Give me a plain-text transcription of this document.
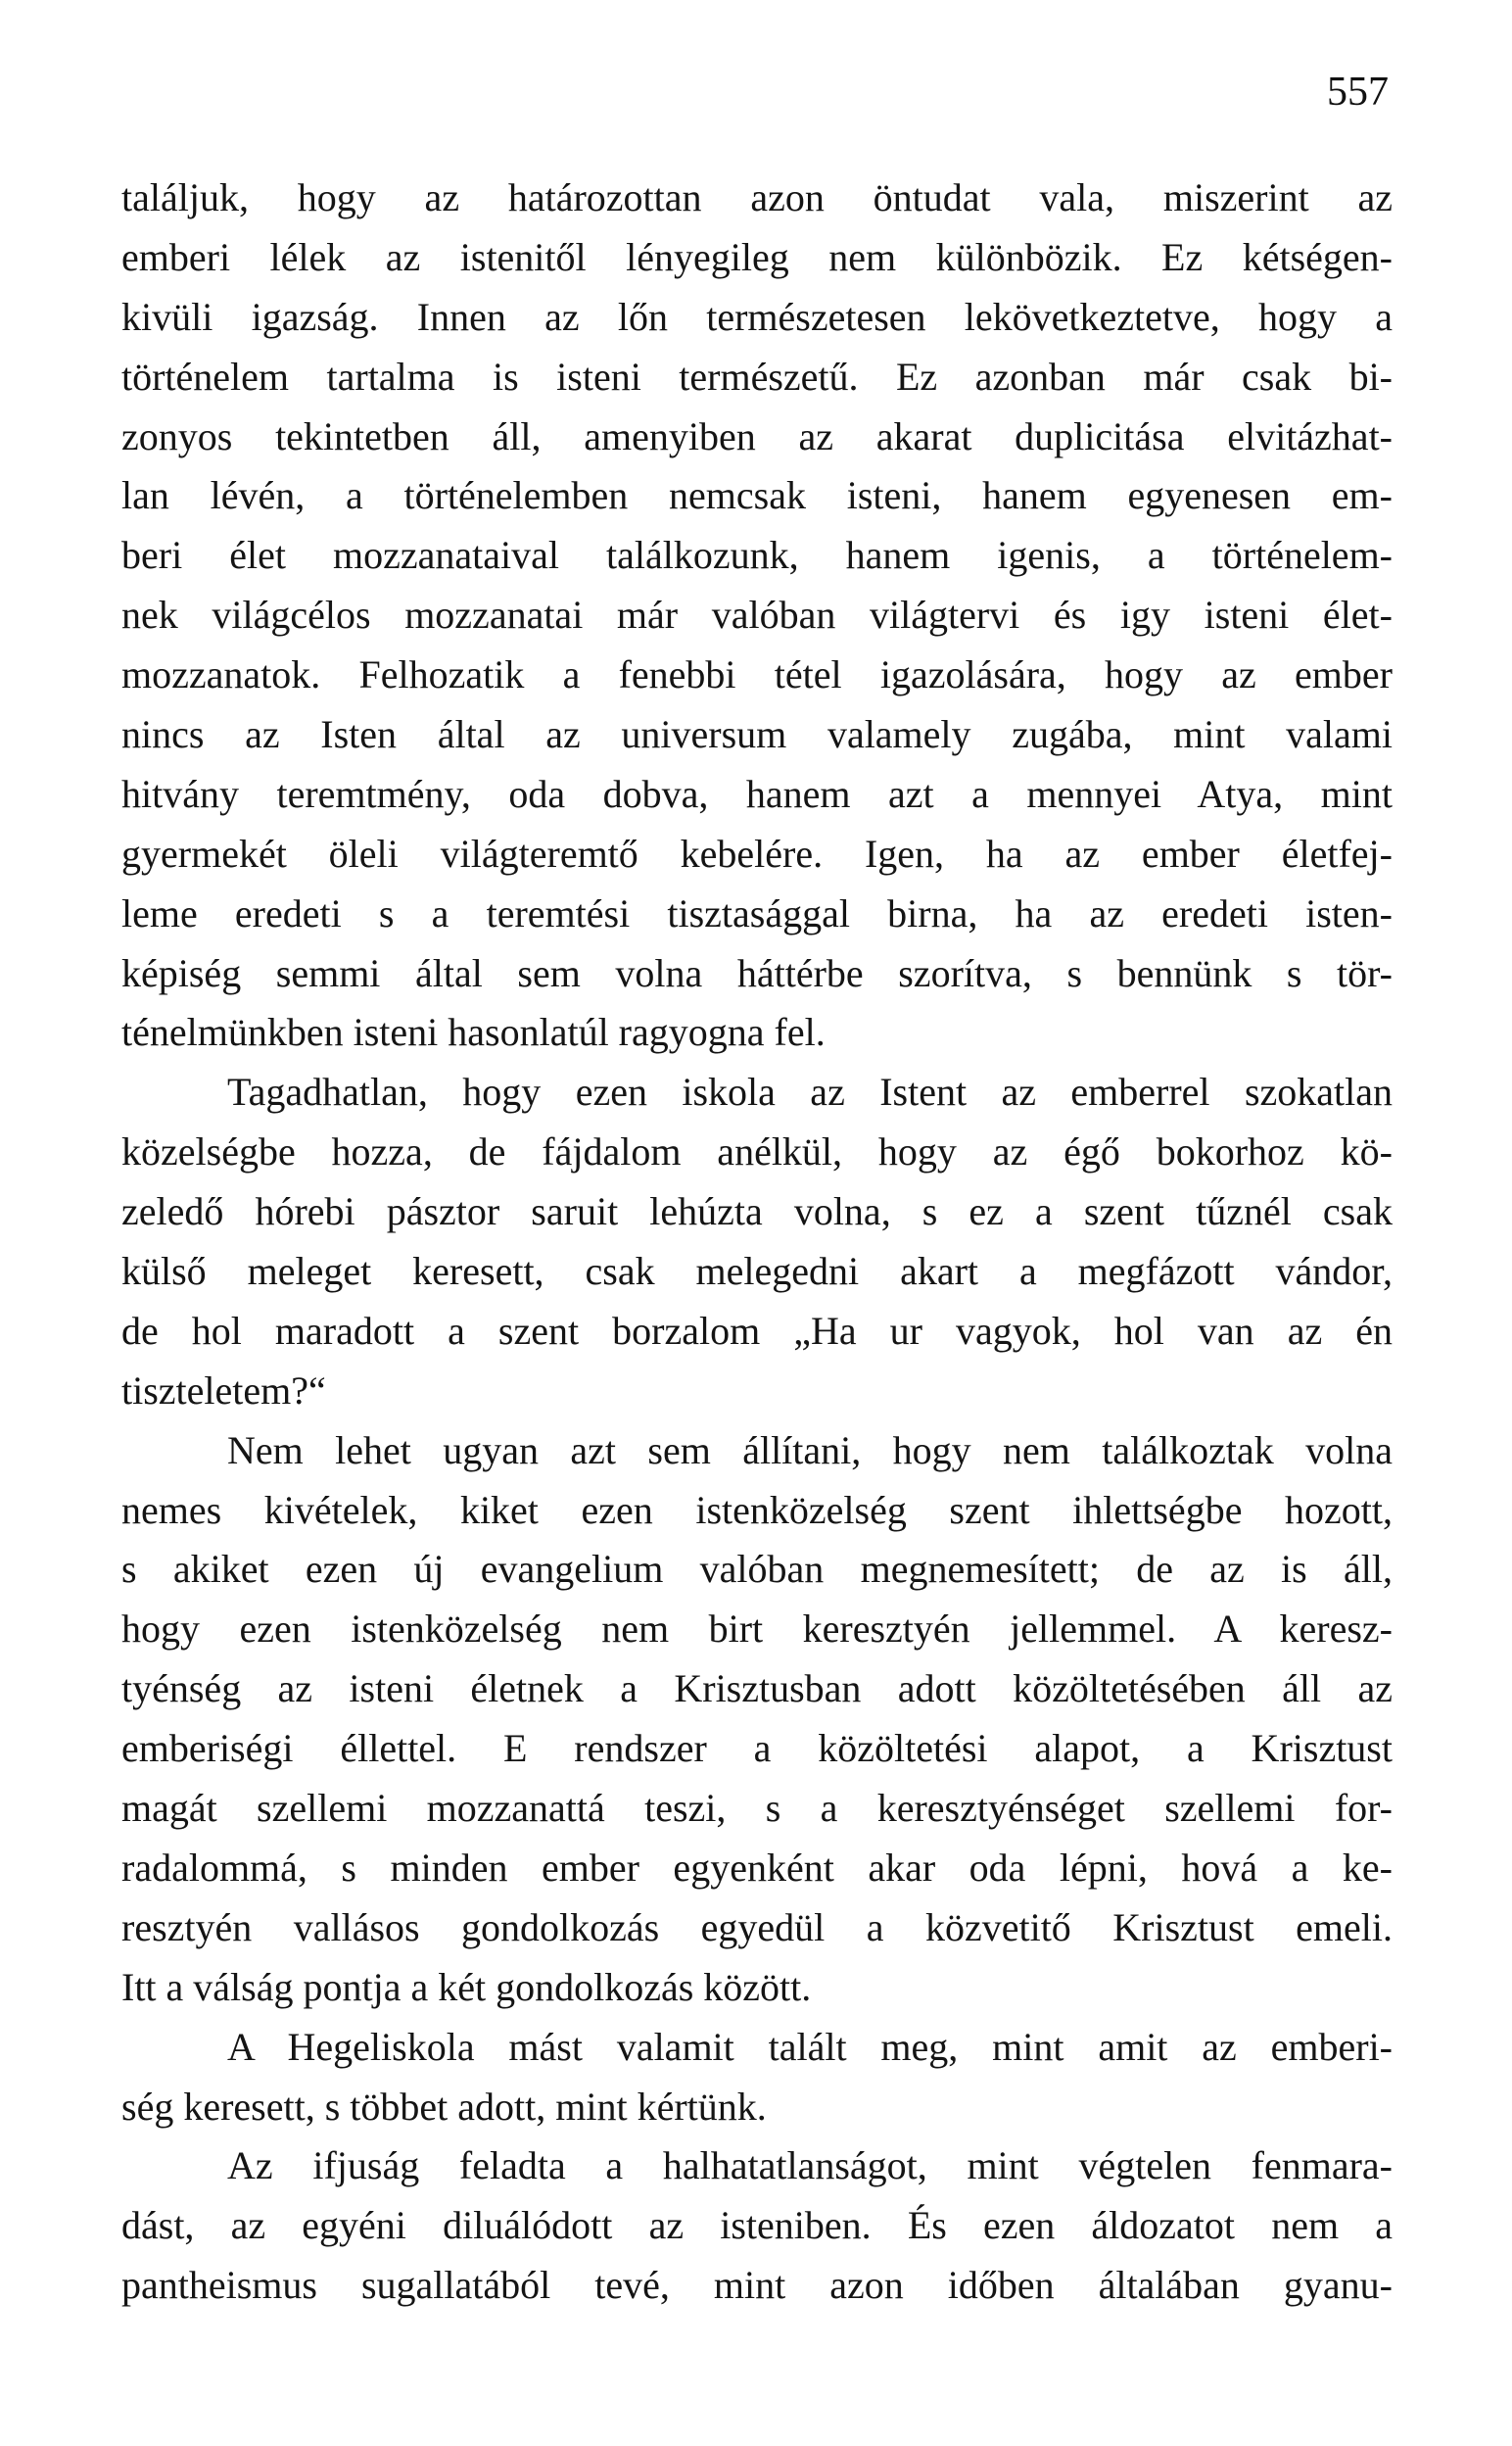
557
találjuk, hogy az határozottan azon öntudat vala, miszerint az
emberi lélek az istenitől lényegileg nem különbözik. Ez kétségen-
kivüli igazság. Innen az lőn természetesen lekövetkeztetve, hogy a
történelem tartalma is isteni természetű. Ez azonban már csak bi-
zonyos tekintetben áll, amenyiben az akarat duplicitása elvitázhat-
lan lévén, a történelemben nemcsak isteni, hanem egyenesen em-
beri élet mozzanataival találkozunk, hanem igenis, a történelem-
nek világcélos mozzanatai már valóban világtervi és igy isteni élet-
mozzanatok. Felhozatik a fenebbi tétel igazolására, hogy az ember
nincs az Isten által az universum valamely zugába, mint valami
hitvány teremtmény, oda dobva, hanem azt a mennyei Atya, mint
gyermekét öleli világteremtő kebelére. Igen, ha az ember életfej-
leme eredeti s a teremtési tisztasággal birna, ha az eredeti isten-
képiség semmi által sem volna háttérbe szorítva, s bennünk s tör-
ténelmünkben isteni hasonlatúl ragyogna fel.
Tagadhatlan, hogy ezen iskola az Istent az emberrel szokatlan
közelségbe hozza, de fájdalom anélkül, hogy az égő bokorhoz kö-
zeledő hórebi pásztor saruit lehúzta volna, s ez a szent tűznél csak
külső meleget keresett, csak melegedni akart a megfázott vándor,
de hol maradott a szent borzalom „Ha ur vagyok, hol van az én
tiszteletem?“
Nem lehet ugyan azt sem állítani, hogy nem találkoztak volna
nemes kivételek, kiket ezen istenközelség szent ihlettségbe hozott,
s akiket ezen új evangelium valóban megnemesített; de az is áll,
hogy ezen istenközelség nem birt keresztyén jellemmel. A keresz-
tyénség az isteni életnek a Krisztusban adott közöltetésében áll az
emberiségi éllettel. E rendszer a közöltetési alapot, a Krisztust
magát szellemi mozzanattá teszi, s a keresztyénséget szellemi for-
radalommá, s minden ember egyenként akar oda lépni, hová a ke-
resztyén vallásos gondolkozás egyedül a közvetitő Krisztust emeli.
Itt a válság pontja a két gondolkozás között.
A Hegeliskola mást valamit talált meg, mint amit az emberi-
ség keresett, s többet adott, mint kértünk.
Az ifjuság feladta a halhatatlanságot, mint végtelen fenmara-
dást, az egyéni diluálódott az isteniben. És ezen áldozatot nem a
pantheismus sugallatából tevé, mint azon időben általában gyanu-
